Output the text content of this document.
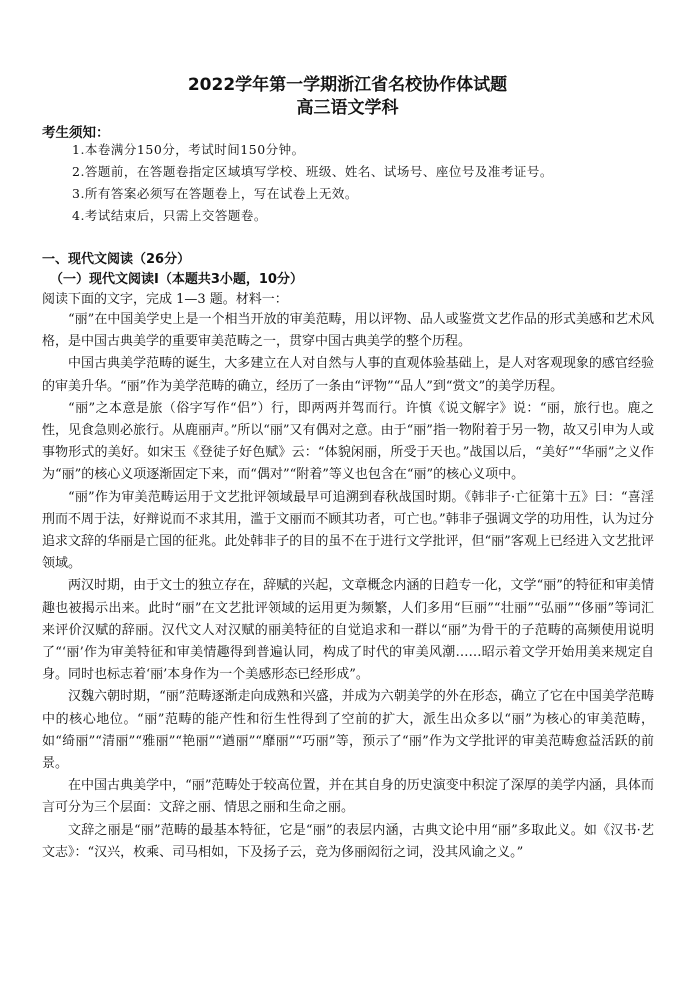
2022学年第一学期浙江省名校协作体试题
高三语文学科
考生须知：
1.本卷满分150分，考试时间150分钟。
2.答题前，在答题卷指定区域填写学校、班级、姓名、试场号、座位号及准考证号。
3.所有答案必须写在答题卷上，写在试卷上无效。
4.考试结束后，只需上交答题卷。
一、现代文阅读（26分）
（一）现代文阅读Ⅰ（本题共3小题，10分）
阅读下面的文字，完成 1—3 题。材料一：

“丽”在中国美学史上是一个相当开放的审美范畴，用以评物、品人或鉴赏文艺作品的形式美感和艺术风格，是中国古典美学的重要审美范畴之一，贯穿中国古典美学的整个历程。

中国古典美学范畴的诞生，大多建立在人对自然与人事的直观体验基础上，是人对客观现象的感官经验的审美升华。“丽”作为美学范畴的确立，经历了一条由“评物”“品人”到“赏文”的美学历程。

“丽”之本意是旅（俗字写作“侣”）行，即两两并驾而行。许慎《说文解字》说：“丽，旅行也。鹿之性，见食急则必旅行。从鹿丽声。”所以“丽”又有偶对之意。由于“丽”指一物附着于另一物，故又引申为人或事物形式的美好。如宋玉《登徒子好色赋》云：“体貌闲丽，所受于天也。”战国以后，“美好”“华丽”之义作为“丽”的核心义项逐渐固定下来，而“偶对”“附着”等义也包含在“丽”的核心义项中。

“丽”作为审美范畴运用于文艺批评领域最早可追溯到春秋战国时期。《韩非子·亡征第十五》曰：“喜淫刑而不周于法，好辩说而不求其用，滥于文丽而不顾其功者，可亡也。”韩非子强调文学的功用性，认为过分追求文辞的华丽是亡国的征兆。此处韩非子的目的虽不在于进行文学批评，但“丽”客观上已经进入文艺批评领域。

两汉时期，由于文士的独立存在，辞赋的兴起，文章概念内涵的日趋专一化，文学“丽”的特征和审美情趣也被揭示出来。此时“丽”在文艺批评领域的运用更为频繁，人们多用“巨丽”“壮丽”“弘丽”“侈丽”等词汇来评价汉赋的辞丽。汉代文人对汉赋的丽美特征的自觉追求和一群以“丽”为骨干的子范畴的高频使用说明了“‘丽’作为审美特征和审美情趣得到普遍认同，构成了时代的审美风潮……昭示着文学开始用美来规定自身。同时也标志着‘丽’本身作为一个美感形态已经形成”。

汉魏六朝时期，“丽”范畴逐渐走向成熟和兴盛，并成为六朝美学的外在形态，确立了它在中国美学范畴中的核心地位。“丽”范畴的能产性和衍生性得到了空前的扩大，派生出众多以“丽”为核心的审美范畴，如“绮丽”“清丽”“雅丽”“艳丽”“遒丽”“靡丽”“巧丽”等，预示了“丽”作为文学批评的审美范畴愈益活跃的前景。

在中国古典美学中，“丽”范畴处于较高位置，并在其自身的历史演变中积淀了深厚的美学内涵，具体而言可分为三个层面：文辞之丽、情思之丽和生命之丽。

文辞之丽是“丽”范畴的最基本特征，它是“丽”的表层内涵，古典文论中用“丽”多取此义。如《汉书·艺文志》：“汉兴，枚乘、司马相如，下及扬子云，竞为侈丽闳衍之词，没其风谕之义。”
